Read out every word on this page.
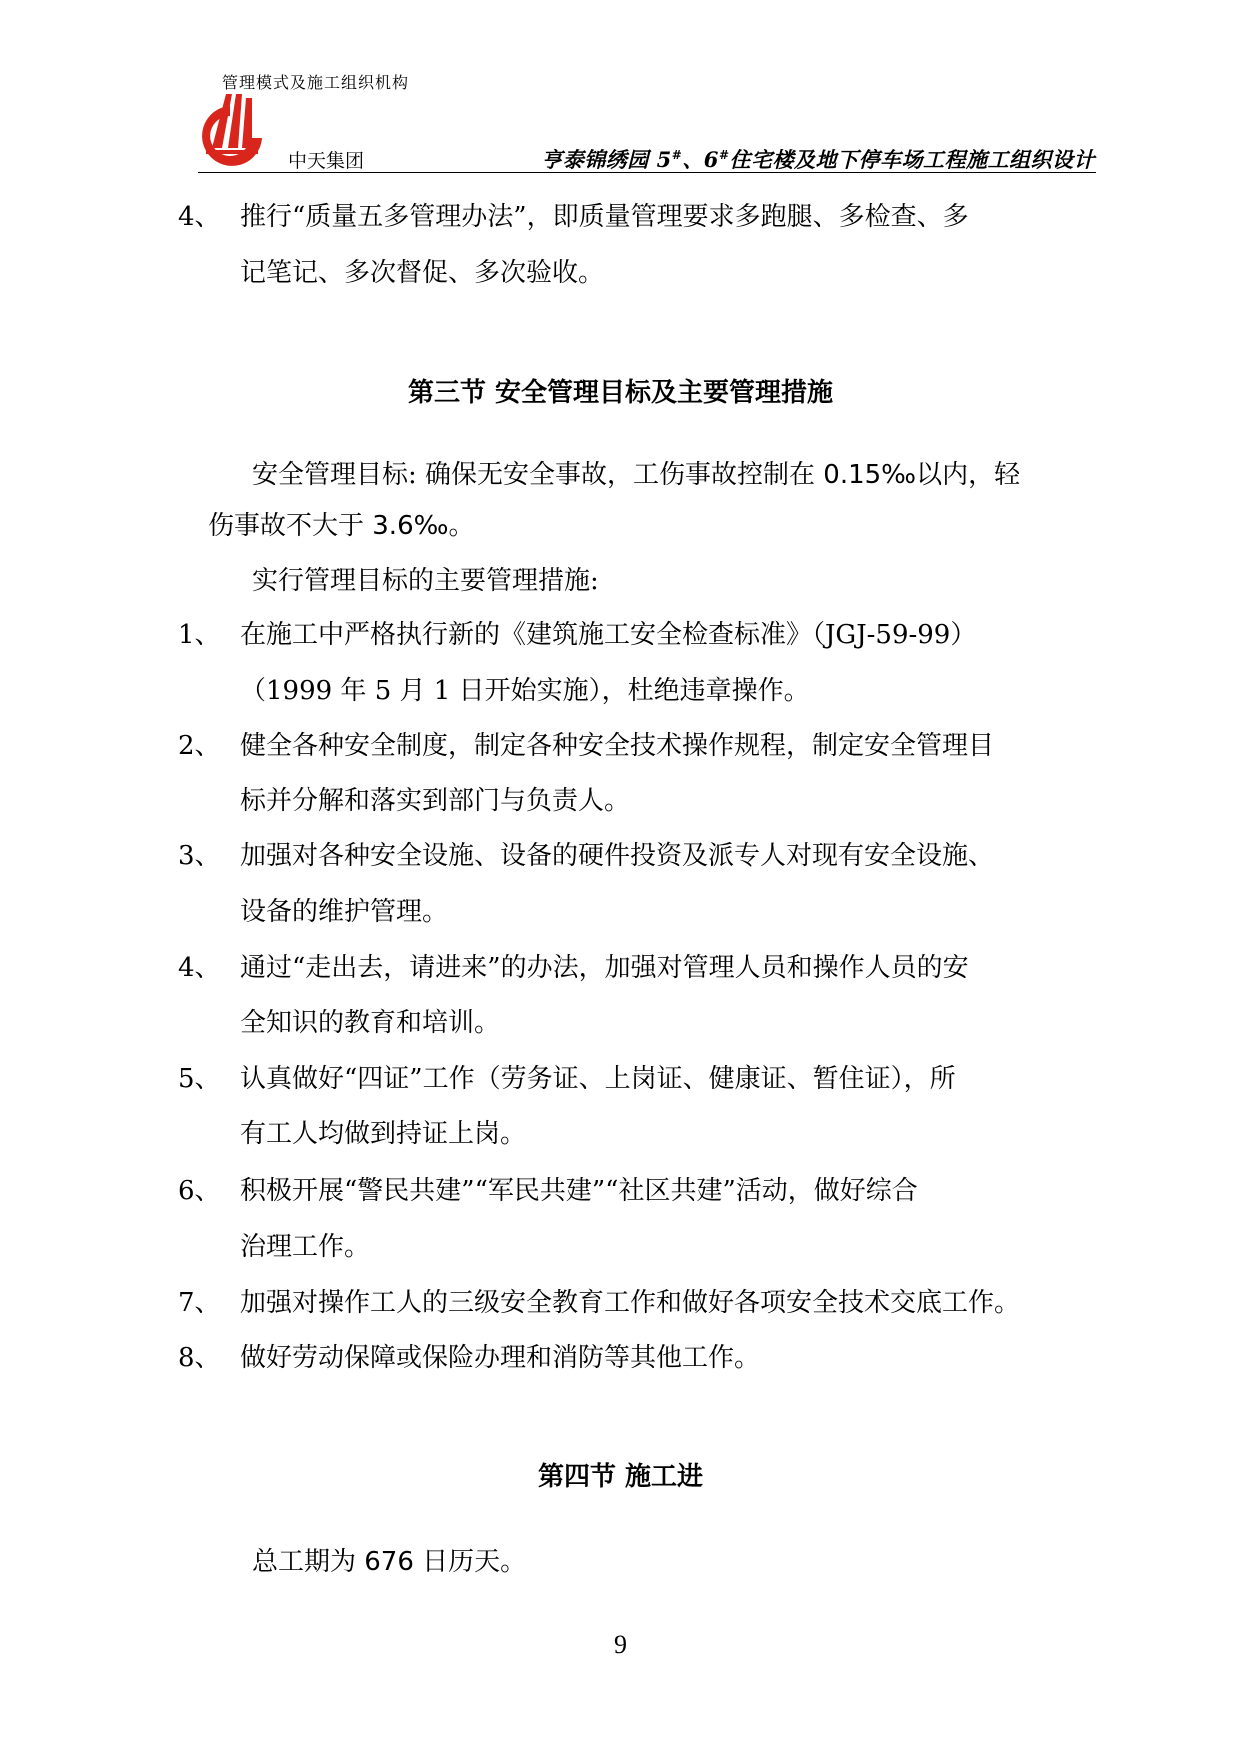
管理模式及施工组织机构
中天集团	亨泰锦绣园 5#、6#住宅楼及地下停车场工程施工组织设计
4、 推行“质量五多管理办法”，即质量管理要求多跑腿、多检查、多
记笔记、多次督促、多次验收。
第三节 安全管理目标及主要管理措施
安全管理目标: 确保无安全事故，工伤事故控制在 0.15‰以内，轻
伤事故不大于 3.6‰。
实行管理目标的主要管理措施:
1、 在施工中严格执行新的《建筑施工安全检查标准》（JGJ-59-99）
（1999 年 5 月 1 日开始实施），杜绝违章操作。
2、 健全各种安全制度，制定各种安全技术操作规程，制定安全管理目
标并分解和落实到部门与负责人。
3、 加强对各种安全设施、设备的硬件投资及派专人对现有安全设施、
设备的维护管理。
4、 通过“走出去，请进来”的办法，加强对管理人员和操作人员的安
全知识的教育和培训。
5、 认真做好“四证”工作（劳务证、上岗证、健康证、暂住证），所
有工人均做到持证上岗。
6、 积极开展“警民共建”“军民共建”“社区共建”活动，做好综合
治理工作。
7、 加强对操作工人的三级安全教育工作和做好各项安全技术交底工作。
8、 做好劳动保障或保险办理和消防等其他工作。
第四节 施工进
总工期为 676 日历天。
9
